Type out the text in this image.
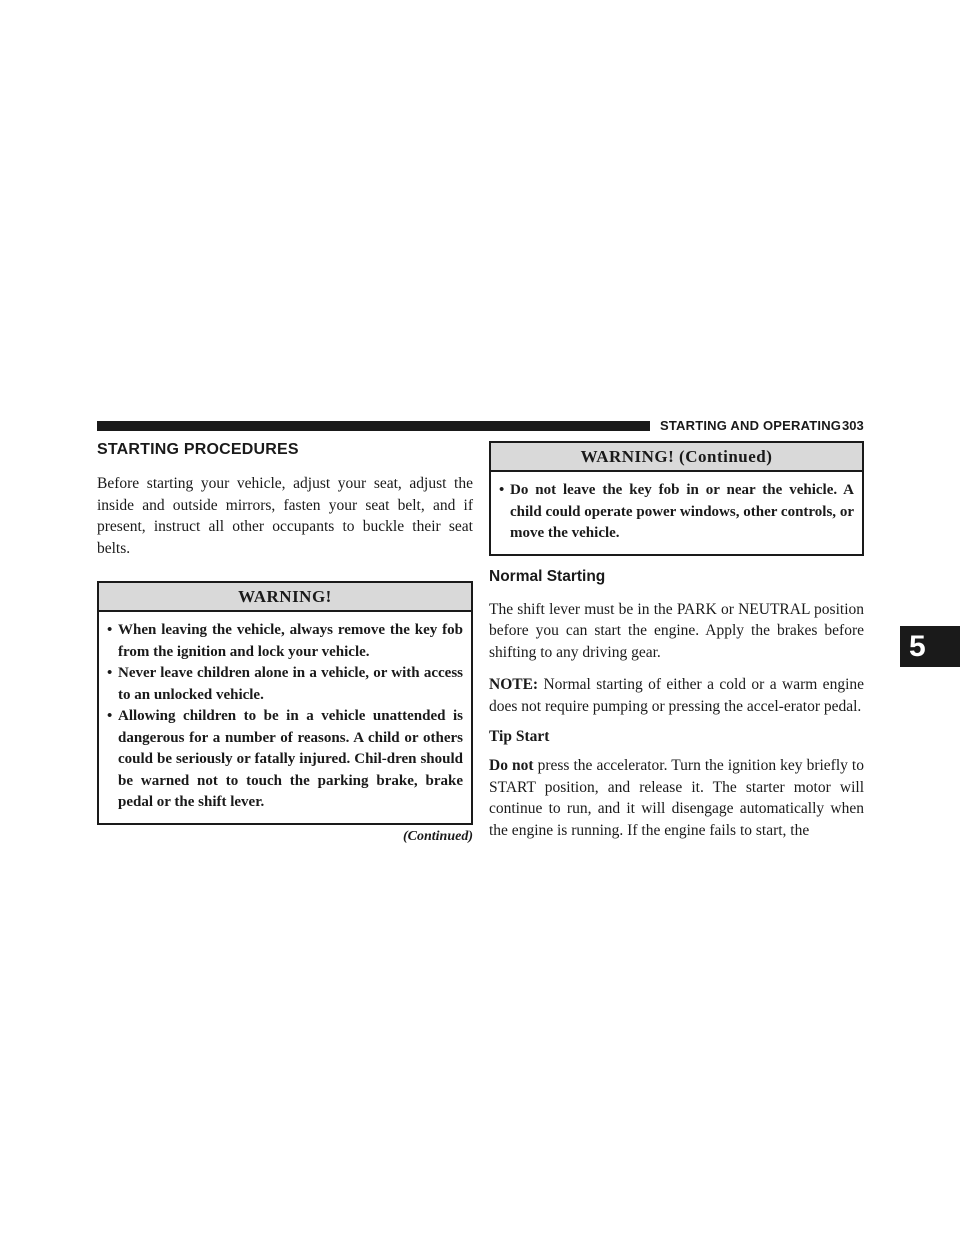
STARTING AND OPERATING 303
5
STARTING PROCEDURES

Before starting your vehicle, adjust your seat, adjust the inside and outside mirrors, fasten your seat belt, and if present, instruct all other occupants to buckle their seat belts.

WARNING!
• When leaving the vehicle, always remove the key fob from the ignition and lock your vehicle.
• Never leave children alone in a vehicle, or with access to an unlocked vehicle.
• Allowing children to be in a vehicle unattended is dangerous for a number of reasons. A child or others could be seriously or fatally injured. Chil-dren should be warned not to touch the parking brake, brake pedal or the shift lever.
(Continued)
WARNING! (Continued)
• Do not leave the key fob in or near the vehicle. A child could operate power windows, other controls, or move the vehicle.
Normal Starting

The shift lever must be in the PARK or NEUTRAL position before you can start the engine. Apply the brakes before shifting to any driving gear.

NOTE: Normal starting of either a cold or a warm engine does not require pumping or pressing the accel-erator pedal.

Tip Start

Do not press the accelerator. Turn the ignition key briefly to START position, and release it. The starter motor will continue to run, and it will disengage automatically when the engine is running. If the engine fails to start, the
